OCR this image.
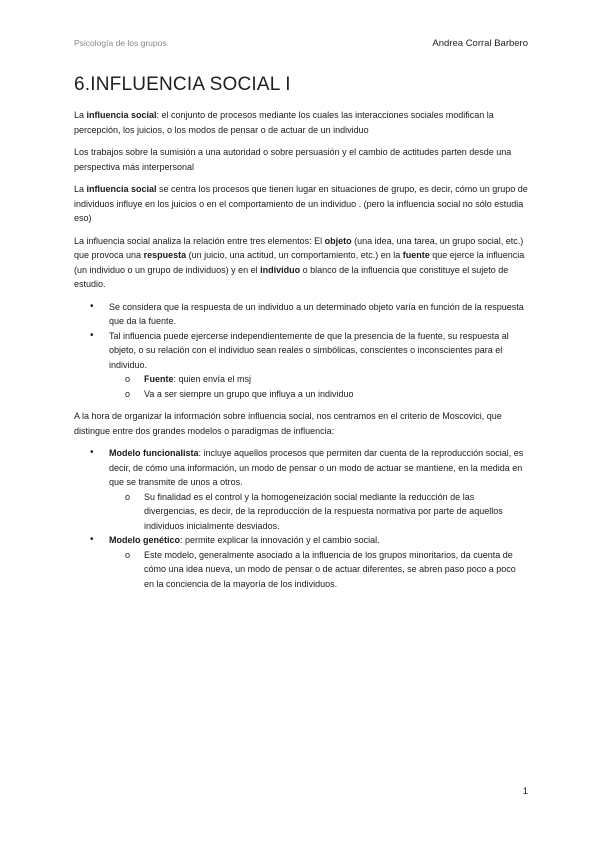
Psicología de los grupos	Andrea Corral Barbero
6.INFLUENCIA SOCIAL I

La influencia social: el conjunto de procesos mediante los cuales las interacciones sociales modifican la percepción, los juicios, o los modos de pensar o de actuar de un individuo

Los trabajos sobre la sumisión a una autoridad o sobre persuasión y el cambio de actitudes parten desde una perspectiva más interpersonal

La influencia social se centra los procesos que tienen lugar en situaciones de grupo, es decir, cómo un grupo de individuos influye en los juicios o en el comportamiento de un individuo . (pero la influencia social no sólo estudia eso)

La influencia social analiza la relación entre tres elementos: El objeto (una idea, una tarea, un grupo social, etc.) que provoca una respuesta (un juicio, una actitud, un comportamiento, etc.) en la fuente que ejerce la influencia (un individuo o un grupo de individuos) y en el individuo o blanco de la influencia que constituye el sujeto de estudio.

• Se considera que la respuesta de un individuo a un determinado objeto varía en función de la respuesta que da la fuente.
• Tal influencia puede ejercerse independientemente de que la presencia de la fuente, su respuesta al objeto, o su relación con el individuo sean reales o simbólicas, conscientes o inconscientes para el individuo.
o Fuente: quien envía el msj
o Va a ser siempre un grupo que influya a un individuo

A la hora de organizar la información sobre influencia social, nos centramos en el criterio de Moscovici, que distingue entre dos grandes modelos o paradigmas de influencia:

• Modelo funcionalista: incluye aquellos procesos que permiten dar cuenta de la reproducción social, es decir, de cómo una información, un modo de pensar o un modo de actuar se mantiene, en la medida en que se transmite de unos a otros.
o Su finalidad es el control y la homogeneización social mediante la reducción de las divergencias, es decir, de la reproducción de la respuesta normativa por parte de aquellos individuos inicialmente desviados.
• Modelo genético: permite explicar la innovación y el cambio social.
o Este modelo, generalmente asociado a la influencia de los grupos minoritarios, da cuenta de cómo una idea nueva, un modo de pensar o de actuar diferentes, se abren paso poco a poco en la conciencia de la mayoría de los individuos.
1
